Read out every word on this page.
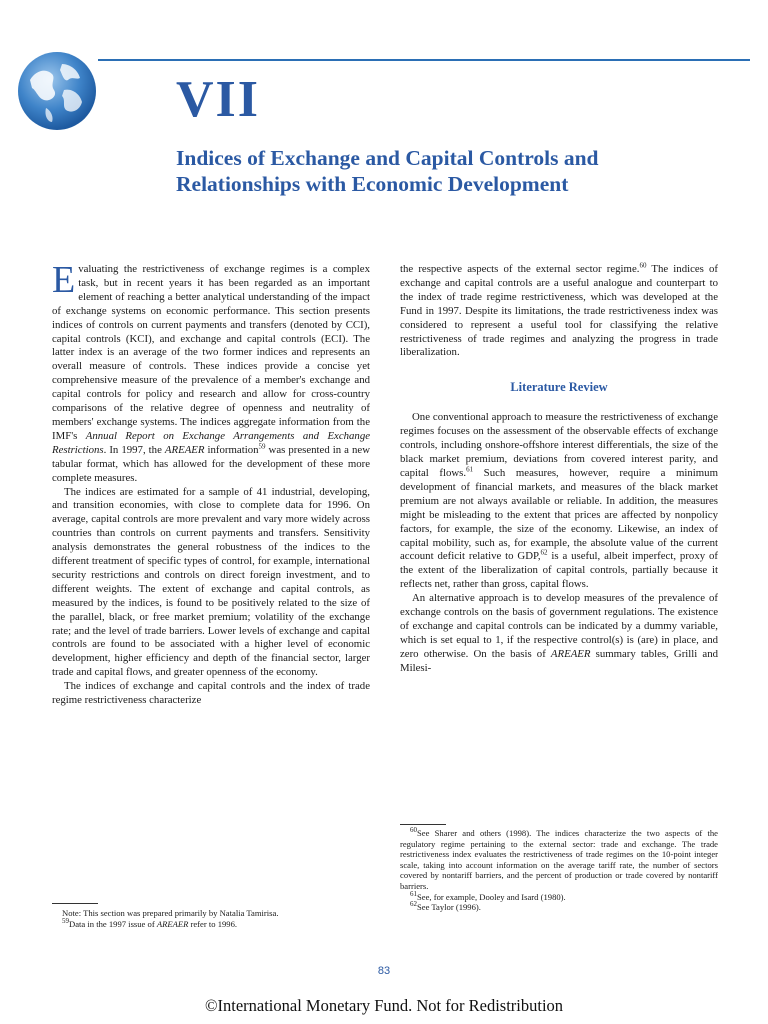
VII
Indices of Exchange and Capital Controls and
Relationships with Economic Development

Evaluating the restrictiveness of exchange regimes is a complex task, but in recent years it has been regarded as an important element of reaching a better analytical understanding of the impact of exchange systems on economic performance. This section presents indices of controls on current payments and transfers (denoted by CCI), capital controls (KCI), and exchange and capital controls (ECI). The latter index is an average of the two former indices and represents an overall measure of controls. These indices provide a concise yet comprehensive measure of the prevalence of a member's exchange and capital controls for policy and research and allow for cross-country comparisons of the relative degree of openness and neutrality of members' exchange systems. The indices aggregate information from the IMF's Annual Report on Exchange Arrangements and Exchange Restrictions. In 1997, the AREAER information$^{59}$ was presented in a new tabular format, which has allowed for the development of these more complete measures.

The indices are estimated for a sample of 41 industrial, developing, and transition economies, with close to complete data for 1996. On average, capital controls are more prevalent and vary more widely across countries than controls on current payments and transfers. Sensitivity analysis demonstrates the general robustness of the indices to the different treatment of specific types of control, for example, international security restrictions and controls on direct foreign investment, and to different weights. The extent of exchange and capital controls, as measured by the indices, is found to be positively related to the size of the parallel, black, or free market premium; volatility of the exchange rate; and the level of trade barriers. Lower levels of exchange and capital controls are found to be associated with a higher level of economic development, higher efficiency and depth of the financial sector, larger trade and capital flows, and greater openness of the economy.

The indices of exchange and capital controls and the index of trade regime restrictiveness characterize

the respective aspects of the external sector regime.$^{60}$ The indices of exchange and capital controls are a useful analogue and counterpart to the index of trade regime restrictiveness, which was developed at the Fund in 1997. Despite its limitations, the trade restrictiveness index was considered to represent a useful tool for classifying the relative restrictiveness of trade regimes and analyzing the progress in trade liberalization.

Literature Review

One conventional approach to measure the restrictiveness of exchange regimes focuses on the assessment of the observable effects of exchange controls, including onshore-offshore interest differentials, the size of the black market premium, deviations from covered interest parity, and capital flows.$^{61}$ Such measures, however, require a minimum development of financial markets, and measures of the black market premium are not always available or reliable. In addition, the measures might be misleading to the extent that prices are affected by nonpolicy factors, for example, the size of the economy. Likewise, an index of capital mobility, such as, for example, the absolute value of the current account deficit relative to GDP,$^{62}$ is a useful, albeit imperfect, proxy of the extent of the liberalization of capital controls, partially because it reflects net, rather than gross, capital flows.

An alternative approach is to develop measures of the prevalence of exchange controls on the basis of government regulations. The existence of exchange and capital controls can be indicated by a dummy variable, which is set equal to 1, if the respective control(s) is (are) in place, and zero otherwise. On the basis of AREAER summary tables, Grilli and Milesi-

Note: This section was prepared primarily by Natalia Tamirisa.

$^{59}$Data in the 1997 issue of AREAER refer to 1996.

$^{60}$See Sharer and others (1998). The indices characterize the two aspects of the regulatory regime pertaining to the external sector: trade and exchange. The trade restrictiveness index evaluates the restrictiveness of trade regimes on the 10-point integer scale, taking into account information on the average tariff rate, the number of sectors covered by nontariff barriers, and the percent of production or trade covered by nontariff barriers.

$^{61}$See, for example, Dooley and Isard (1980).

$^{62}$See Taylor (1996).

83
©International Monetary Fund. Not for Redistribution
